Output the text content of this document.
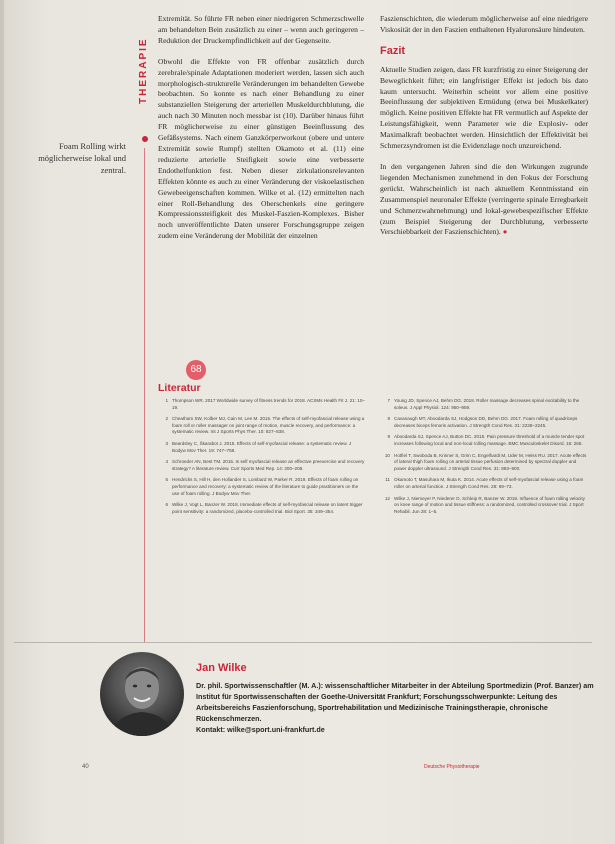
Foam Rolling wirkt möglicherweise lokal und zentral.
THERAPIE

Extremität. So führte FR neben einer niedrigeren Schmerzschwelle am behandelten Bein zusätzlich zu einer – wenn auch geringeren – Reduktion der Druckempfindlichkeit auf der Gegenseite.

Obwohl die Effekte von FR offenbar zusätzlich durch zerebrale/spinale Adaptationen moderiert werden, lassen sich auch morphologisch-strukturelle Veränderungen im behandelten Gewebe beobachten. So konnte es nach einer Behandlung zu einer substanziellen Steigerung der arteriellen Muskeldurchblutung, die auch nach 30 Minuten noch messbar ist (10). Darüber hinaus führt FR möglicherweise zu einer günstigen Beeinflussung des Gefäßsystems. Nach einem Ganzkörperworkout (obere und untere Extremität sowie Rumpf) stellten Okamoto et al. (11) eine reduzierte arterielle Steifigkeit sowie eine verbesserte Endothelfunktion fest. Neben dieser zirkulationsrelevanten Effekten könnte es auch zu einer Veränderung der viskoelastischen Gewebeeigenschaften kommen. Wilke et al. (12) ermittelten nach einer Roll-Behandlung des Oberschenkels eine geringere Kompressionssteifigkeit des Muskel-Faszien-Komplexes. Bisher noch unveröffentlichte Daten unserer Forschungsgruppe zeigen zudem eine Veränderung der Mobilität der einzelnen

Faszienschichten, die wiederum möglicherweise auf eine niedrigere Viskosität der in den Faszien enthaltenen Hyaluronsäure hindeuten.

Fazit

Aktuelle Studien zeigen, dass FR kurzfristig zu einer Steigerung der Beweglichkeit führt; ein langfristiger Effekt ist jedoch bis dato kaum untersucht. Weiterhin scheint vor allem eine positive Beeinflussung der subjektiven Ermüdung (etwa bei Muskelkater) möglich. Keine positiven Effekte hat FR vermutlich auf Aspekte der Leistungsfähigkeit, wenn Parameter wie die Explosiv- oder Maximalkraft beobachtet werden. Hinsichtlich der Effektivität bei Schmerzsyndromen ist die Evidenzlage noch unzureichend.

In den vergangenen Jahren sind die den Wirkungen zugrunde liegenden Mechanismen zunehmend in den Fokus der Forschung gerückt. Wahrscheinlich ist nach aktuellem Kenntnisstand ein Zusammenspiel neuronaler Effekte (verringerte spinale Erregbarkeit und Schmerzwahrnehmung) und lokal-gewebespezifischer Effekte (zum Beispiel Steigerung der Durchblutung, verbesserte Verschiebbarkeit der Faszienschichten). ●

68
Literatur
1 Thompson WR. 2017 Worldwide survey of fitness trends for 2018. ACSMs Health Fit J. 21: 10–19.
2 Cheatham SW, Kolber MJ, Cain M, Lee M. 2015. The effects of self-myofascial release using a foam roll or roller massager on joint range of motion, muscle recovery, and performance: a systematic review. Int J Sports Phys Ther. 10: 827–838.
3 Beardsley C, Škarabot J. 2015. Effects of self-myofascial release: a systematic review. J Bodyw Mov Ther. 19: 747–758.
4 Schroeder AN, Best TM. 2015. Is self myofascial release an effective preexercise and recovery strategy? A literature review. Curr Sports Med Rep. 14: 200–208.
5 Hendricks S, Hill H, den Hollander S, Lombard W, Parker R. 2019. Effects of foam rolling on performance and recovery: a systematic review of the literature to guide practitioners on the use of foam rolling. J Bodyw Mov Ther.
6 Wilke J, Vogt L, Banzer W. 2018. Immediate effects of self-myofascial release on latent trigger point sensitivity: a randomized, placebo-controlled trial. Biol Sport. 35: 349–354.
7 Young JD, Spence AJ, Behm DG. 2018. Roller massage decreases spinal excitability to the soleus. J Appl Physiol. 124: 950–959.
8 Cavanaugh MT, Aboodarda SJ, Hodgson DD, Behm DG. 2017. Foam rolling of quadriceps decreases biceps femoris activation. J Strength Cond Res. 31: 2238–2245.
9 Aboodarda SJ, Spence AJ, Button DC. 2015. Pain pressure threshold of a muscle tender spot increases following local and non-local rolling massage. BMC Musculoskelet Disord. 16: 265.
10 Hotfiel T, Swoboda B, Krinner S, Grim C, Engelhardt M, Uder M, Heiss RU. 2017. Acute effects of lateral thigh foam rolling on arterial tissue perfusion determined by spectral doppler and power doppler ultrasound. J Strength Cond Res. 31: 893–900.
11 Okamoto T, Masuhara M, Ikuta K. 2014. Acute effects of self-myofascial release using a foam roller on arterial function. J Strength Cond Res. 28: 69–73.
12 Wilke J, Niemeyer P, Niederer D, Schleip R, Banzer W. 2019. Influence of foam rolling velocity on knee range of motion and tissue stiffness: a randomized, controlled crossover trial. J Sport Rehabil. Jun 28: 1–5.
Jan Wilke
Dr. phil. Sportwissenschaftler (M. A.): wissenschaftlicher Mitarbeiter in der Abteilung Sportmedizin (Prof. Banzer) am Institut für Sportwissenschaften der Goethe-Universität Frankfurt; Forschungsschwerpunkte: Leitung des Arbeitsbereichs Faszienforschung, Sportrehabilitation und Medizinische Trainingstherapie, chronische Rückenschmerzen.
Kontakt: wilke@sport.uni-frankfurt.de
40	Deutsche Physiotherapie
